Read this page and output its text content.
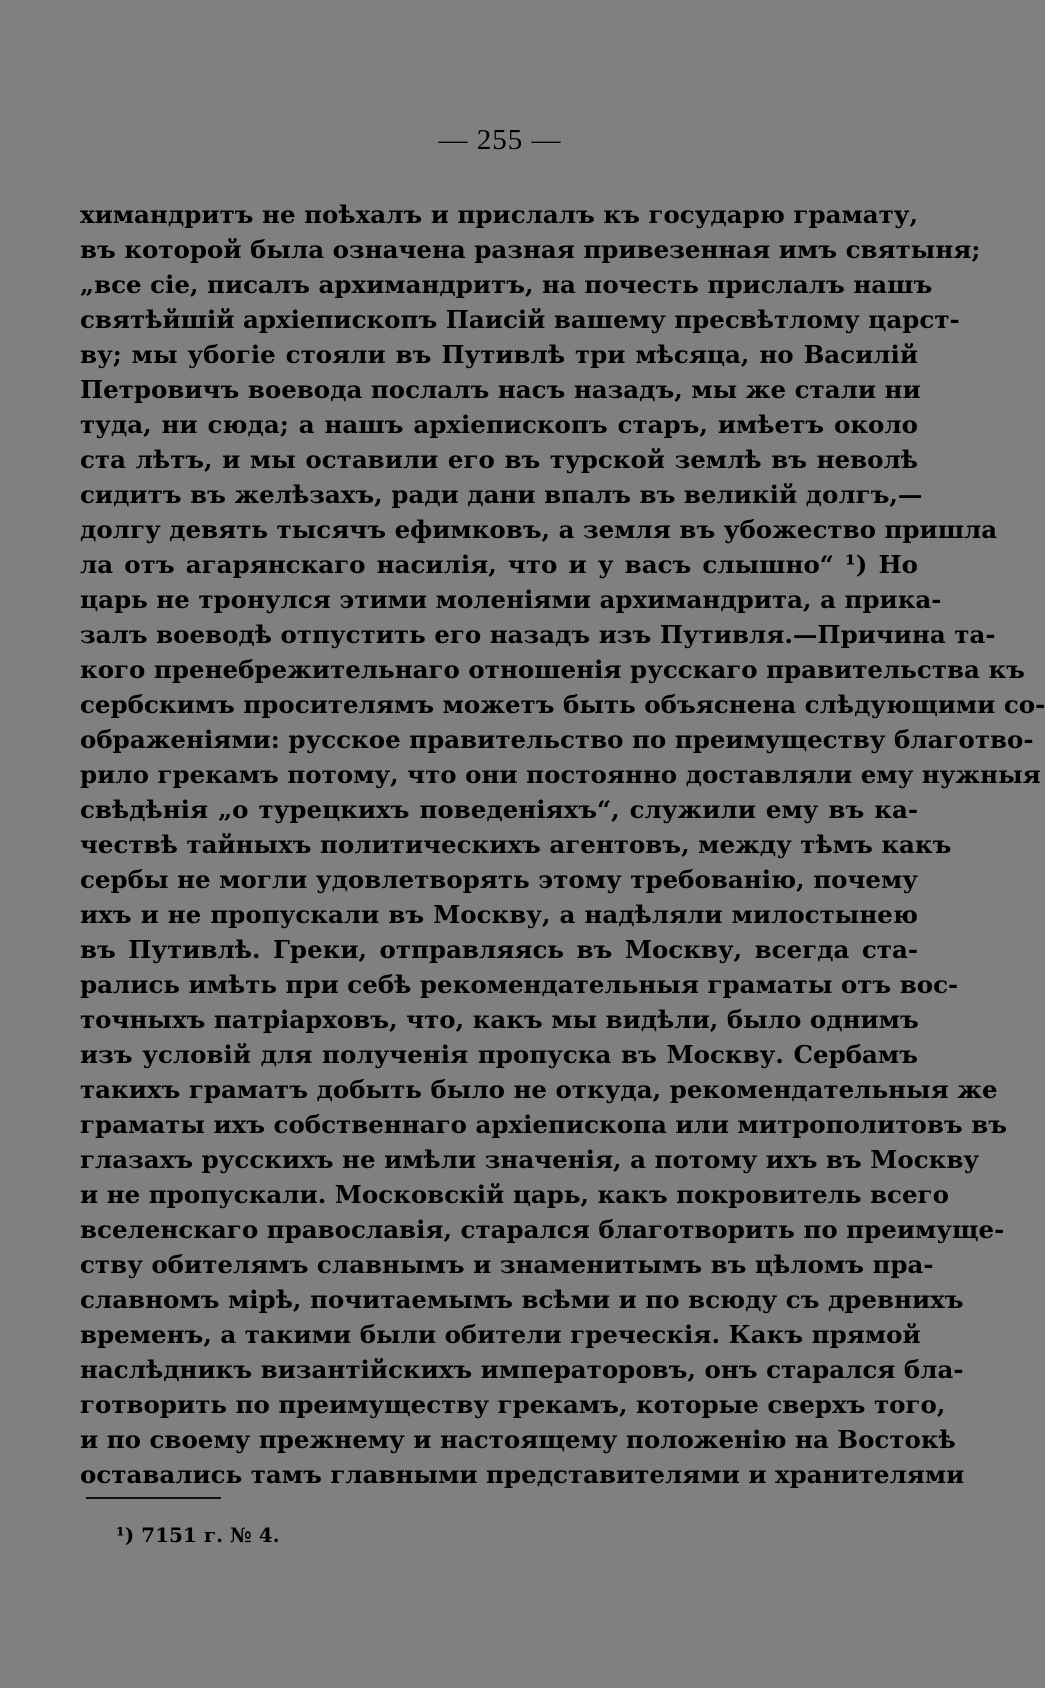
— 255 —
химандритъ не поѣхалъ и прислалъ къ государю грамату,
въ которой была означена разная привезенная имъ святыня;
„все сіе, писалъ архимандритъ, на почесть прислалъ нашъ
святѣйшій архіепископъ Паисій вашему пресвѣтлому царст-
ву; мы убогіе стояли въ Путивлѣ три мѣсяца, но Василій
Петровичъ воевода послалъ насъ назадъ, мы же стали ни
туда, ни сюда; а нашъ архіепископъ старъ, имѣетъ около
ста лѣтъ, и мы оставили его въ турской землѣ въ неволѣ
сидитъ въ желѣзахъ, ради дани впалъ въ великій долгъ,—
долгу девять тысячъ ефимковъ, а земля въ убожество пришла
ла отъ агарянскаго насилія, что и у васъ слышно“ ¹) Но
царь не тронулся этими моленіями архимандрита, а прика-
залъ воеводѣ отпустить его назадъ изъ Путивля.—Причина та-
кого пренебрежительнаго отношенія русскаго правительства къ
сербскимъ просителямъ можетъ быть объяснена слѣдующими со-
ображеніями: русское правительство по преимуществу благотво-
рило грекамъ потому, что они постоянно доставляли ему нужныя
свѣдѣнія „о турецкихъ поведеніяхъ“, служили ему въ ка-
чествѣ тайныхъ политическихъ агентовъ, между тѣмъ какъ
сербы не могли удовлетворять этому требованію, почему
ихъ и не пропускали въ Москву, а надѣляли милостынею
въ Путивлѣ. Греки, отправляясь въ Москву, всегда ста-
рались имѣть при себѣ рекомендательныя граматы отъ вос-
точныхъ патріарховъ, что, какъ мы видѣли, было однимъ
изъ условій для полученія пропуска въ Москву. Сербамъ
такихъ граматъ добыть было не откуда, рекомендательныя же
граматы ихъ собственнаго архіепископа или митрополитовъ въ
глазахъ русскихъ не имѣли значенія, а потому ихъ въ Москву
и не пропускали. Московскій царь, какъ покровитель всего
вселенскаго православія, старался благотворить по преимуще-
ству обителямъ славнымъ и знаменитымъ въ цѣломъ пра-
славномъ мірѣ, почитаемымъ всѣми и по всюду съ древнихъ
временъ, а такими были обители греческія. Какъ прямой
наслѣдникъ византійскихъ императоровъ, онъ старался бла-
готворить по преимуществу грекамъ, которые сверхъ того,
и по своему прежнему и настоящему положенію на Востокѣ
оставались тамъ главными представителями и хранителями
¹) 7151 г. № 4.
